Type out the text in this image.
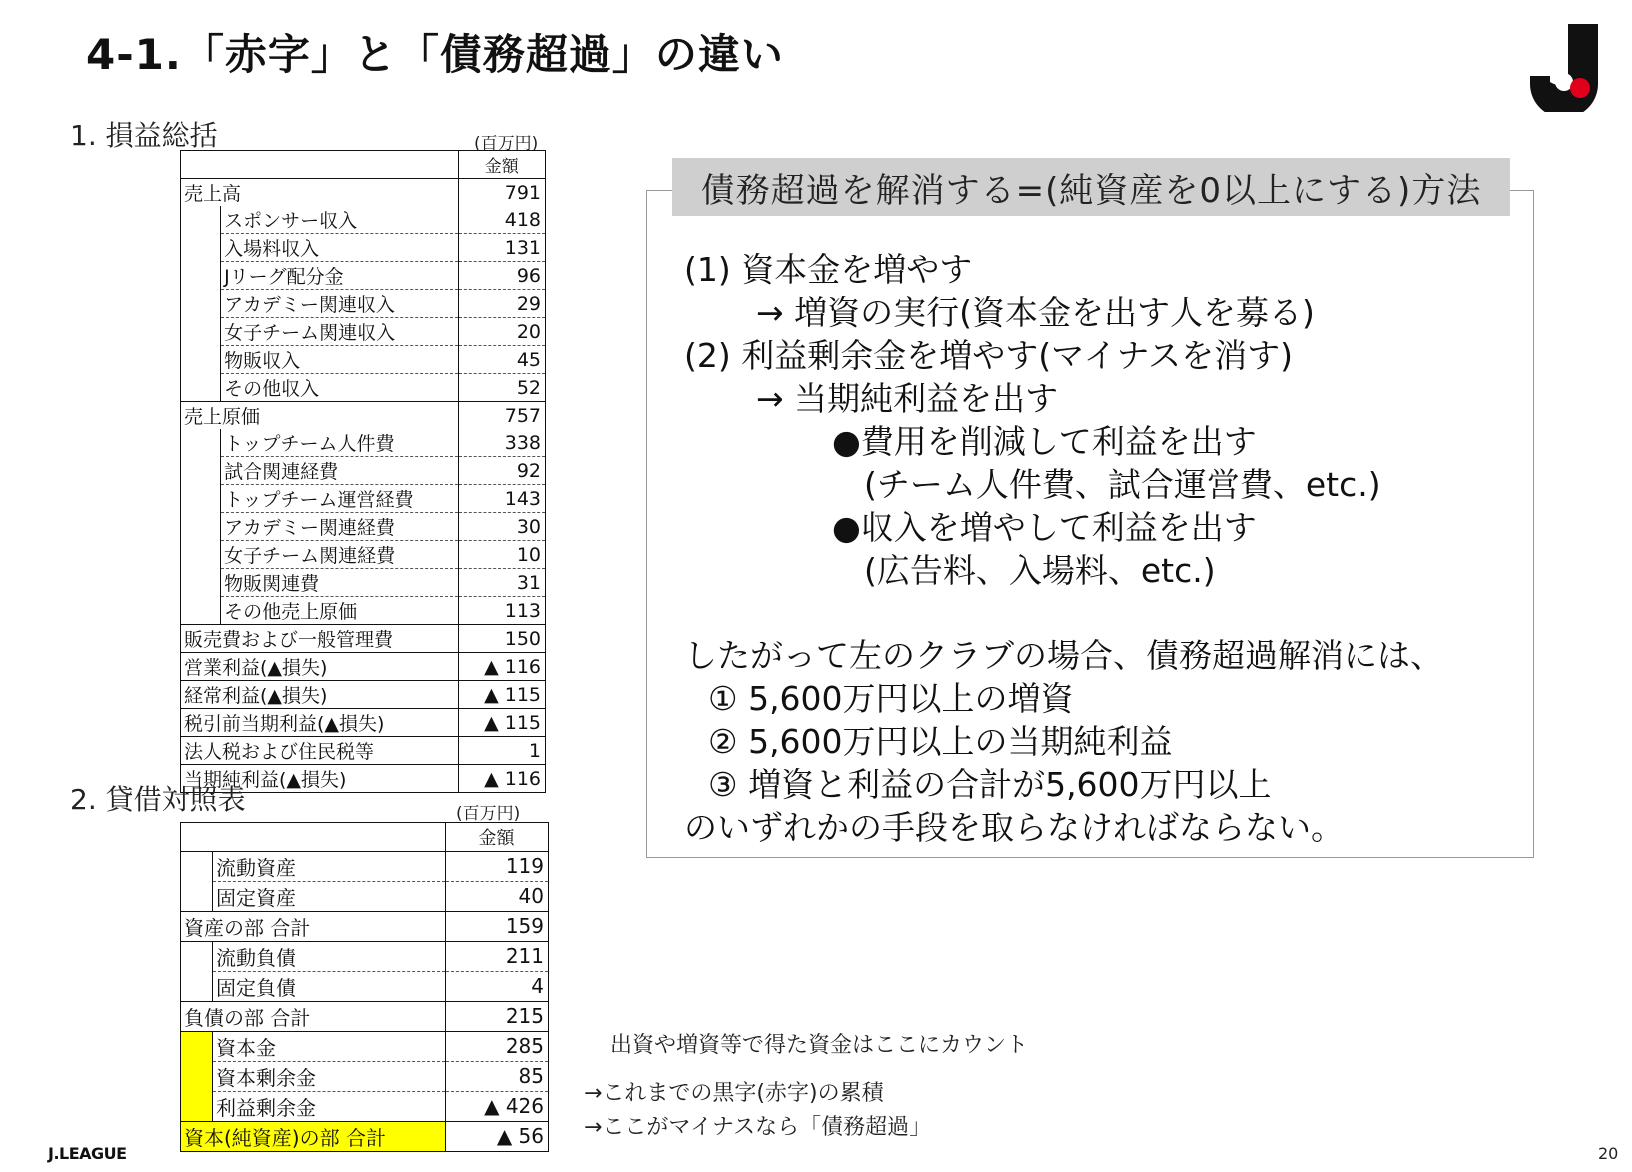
4-1.「赤字」と「債務超過」の違い
1. 損益総括	(百万円)
		金額
売上高		791
	スポンサー収入	418
	入場料収入	131
	Jリーグ配分金	96
	アカデミー関連収入	29
	女子チーム関連収入	20
	物販収入	45
	その他収入	52
売上原価		757
	トップチーム人件費	338
	試合関連経費	92
	トップチーム運営経費	143
	アカデミー関連経費	30
	女子チーム関連経費	10
	物販関連費	31
	その他売上原価	113
販売費および一般管理費		150
営業利益(▲損失)		▲ 116
経常利益(▲損失)		▲ 115
税引前当期利益(▲損失)		▲ 115
法人税および住民税等		1
当期純利益(▲損失)		▲ 116
2. 貸借対照表	(百万円)
		金額
	流動資産	119
	固定資産	40
資産の部 合計		159
	流動負債	211
	固定負債	4
負債の部 合計		215
	資本金	285
	資本剰余金	85
	利益剰余金	▲ 426
資本(純資産)の部 合計		▲ 56
出資や増資等で得た資金はここにカウント
→これまでの黒字(赤字)の累積
→ここがマイナスなら「債務超過」
債務超過を解消する=(純資産を0以上にする)方法
(1) 資本金を増やす
→ 増資の実行(資本金を出す人を募る)
(2) 利益剰余金を増やす(マイナスを消す)
→ 当期純利益を出す
●費用を削減して利益を出す
(チーム人件費、試合運営費、etc.)
●収入を増やして利益を出す
(広告料、入場料、etc.)
したがって左のクラブの場合、債務超過解消には、
① 5,600万円以上の増資
② 5,600万円以上の当期純利益
③ 増資と利益の合計が5,600万円以上
のいずれかの手段を取らなければならない。
J.LEAGUE	20
